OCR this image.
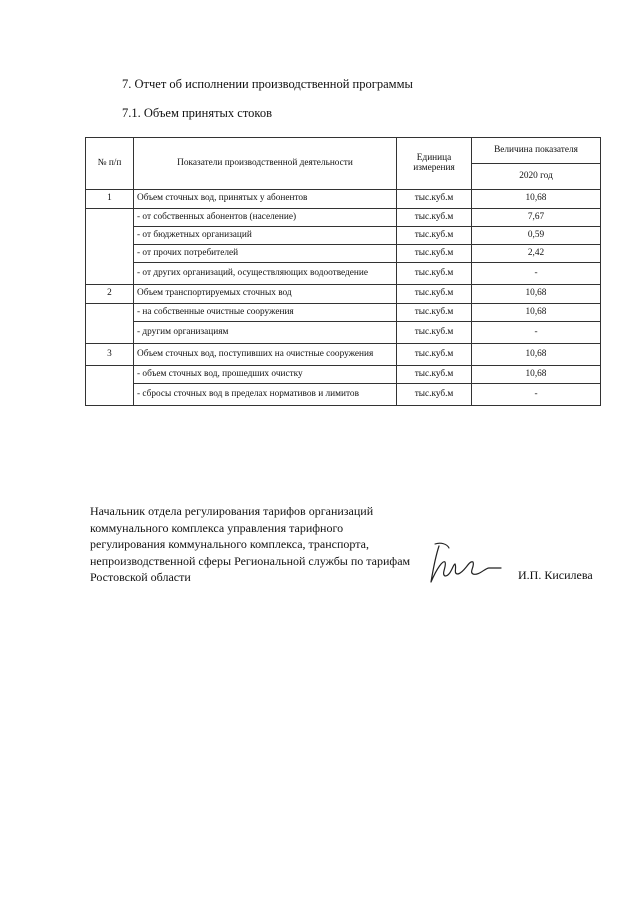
7. Отчет об исполнении производственной программы
7.1. Объем принятых стоков
№ п/п	Показатели производственной деятельности	Единица измерения	Величина показателя
			2020 год
1	Объем сточных вод, принятых у абонентов	тыс.куб.м	10,68
	- от собственных абонентов (население)	тыс.куб.м	7,67
	- от бюджетных организаций	тыс.куб.м	0,59
	- от прочих потребителей	тыс.куб.м	2,42
	- от других организаций, осуществляющих водоотведение	тыс.куб.м	-
2	Объем транспортируемых сточных вод	тыс.куб.м	10,68
	- на собственные очистные сооружения	тыс.куб.м	10,68
	- другим организациям	тыс.куб.м	-
3	Объем сточных вод, поступивших на очистные сооружения	тыс.куб.м	10,68
	- объем сточных вод, прошедших очистку	тыс.куб.м	10,68
	- сбросы сточных вод в пределах нормативов и лимитов	тыс.куб.м	-
Начальник отдела регулирования тарифов организаций коммунального комплекса управления тарифного регулирования коммунального комплекса, транспорта, непроизводственной сферы Региональной службы по тарифам Ростовской области	И.П. Кисилева
